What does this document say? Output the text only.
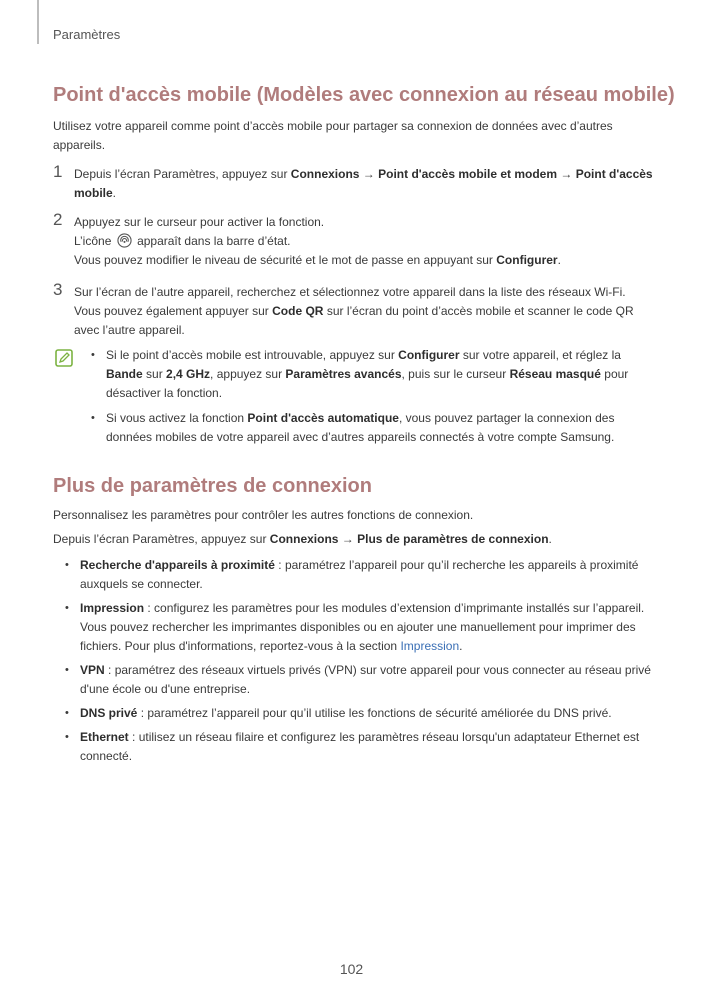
Paramètres
Point d'accès mobile (Modèles avec connexion au réseau mobile)
Utilisez votre appareil comme point d’accès mobile pour partager sa connexion de données avec d’autres appareils.
1 Depuis l’écran Paramètres, appuyez sur Connexions → Point d'accès mobile et modem → Point d'accès mobile.
2 Appuyez sur le curseur pour activer la fonction.
L’icône apparaît dans la barre d’état.
Vous pouvez modifier le niveau de sécurité et le mot de passe en appuyant sur Configurer.
3 Sur l’écran de l’autre appareil, recherchez et sélectionnez votre appareil dans la liste des réseaux Wi-Fi.
Vous pouvez également appuyer sur Code QR sur l’écran du point d’accès mobile et scanner le code QR avec l’autre appareil.
• Si le point d’accès mobile est introuvable, appuyez sur Configurer sur votre appareil, et réglez la Bande sur 2,4 GHz, appuyez sur Paramètres avancés, puis sur le curseur Réseau masqué pour désactiver la fonction.
• Si vous activez la fonction Point d'accès automatique, vous pouvez partager la connexion des données mobiles de votre appareil avec d’autres appareils connectés à votre compte Samsung.
Plus de paramètres de connexion
Personnalisez les paramètres pour contrôler les autres fonctions de connexion.
Depuis l’écran Paramètres, appuyez sur Connexions → Plus de paramètres de connexion.
• Recherche d'appareils à proximité : paramétrez l’appareil pour qu’il recherche les appareils à proximité auxquels se connecter.
• Impression : configurez les paramètres pour les modules d’extension d’imprimante installés sur l’appareil. Vous pouvez rechercher les imprimantes disponibles ou en ajouter une manuellement pour imprimer des fichiers. Pour plus d'informations, reportez-vous à la section Impression.
• VPN : paramétrez des réseaux virtuels privés (VPN) sur votre appareil pour vous connecter au réseau privé d'une école ou d'une entreprise.
• DNS privé : paramétrez l’appareil pour qu’il utilise les fonctions de sécurité améliorée du DNS privé.
• Ethernet : utilisez un réseau filaire et configurez les paramètres réseau lorsqu'un adaptateur Ethernet est connecté.
102
